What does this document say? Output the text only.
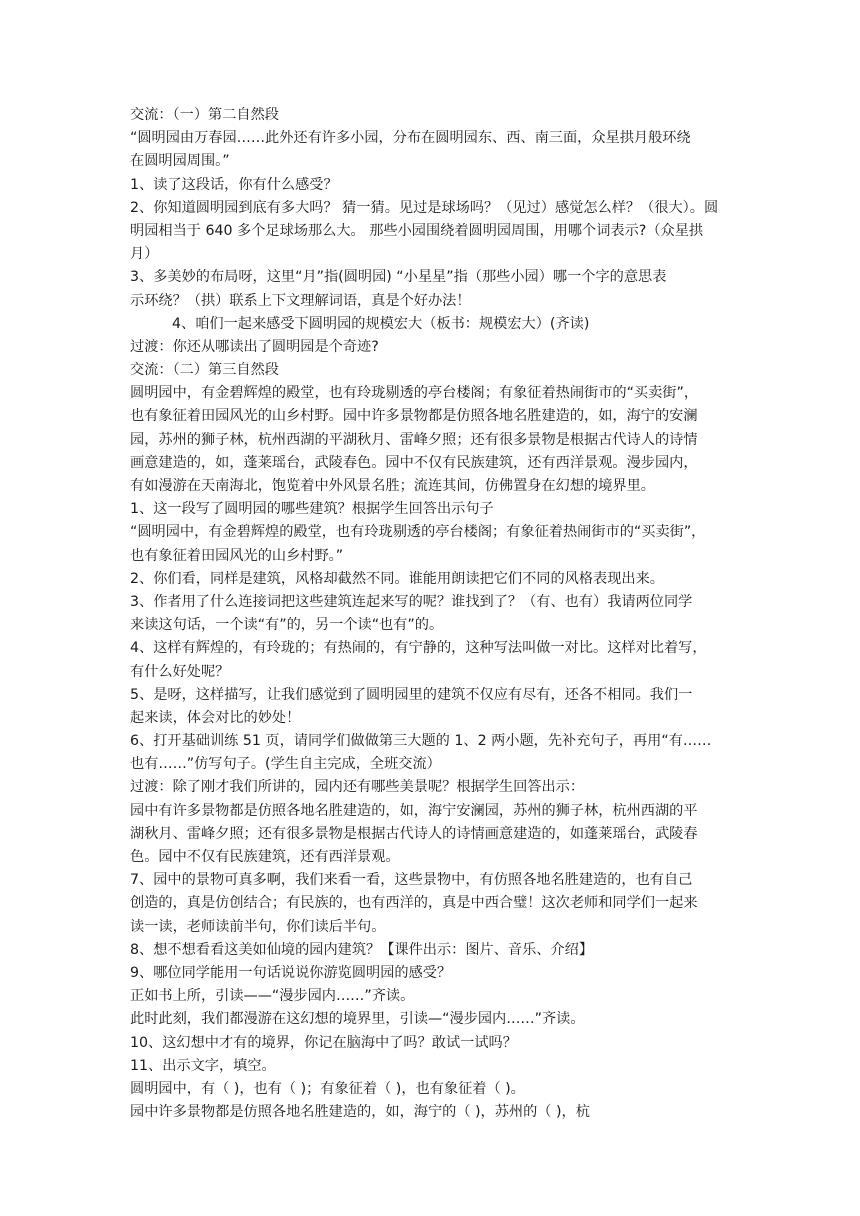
交流：（一）第二自然段
“圆明园由万春园……此外还有许多小园，分布在圆明园东、西、南三面，众星拱月般环绕
在圆明园周围。”
1、读了这段话，你有什么感受？
2、你知道圆明园到底有多大吗？ 猜一猜。见过是球场吗？（见过）感觉怎么样？（很大）。圆
明园相当于 640 多个足球场那么大。 那些小园围绕着圆明园周围，用哪个词表示?（众星拱
月）
3、多美妙的布局呀，这里“月”指(圆明园) “小星星”指（那些小园）哪一个字的意思表
示环绕？（拱）联系上下文理解词语，真是个好办法！
4、咱们一起来感受下圆明园的规模宏大（板书：规模宏大）(齐读)
过渡：你还从哪读出了圆明园是个奇迹?
交流：（二）第三自然段
圆明园中，有金碧辉煌的殿堂，也有玲珑剔透的亭台楼阁；有象征着热闹街市的“买卖街”，
也有象征着田园风光的山乡村野。园中许多景物都是仿照各地名胜建造的，如，海宁的安澜
园，苏州的狮子林，杭州西湖的平湖秋月、雷峰夕照；还有很多景物是根据古代诗人的诗情
画意建造的，如，蓬莱瑶台，武陵春色。园中不仅有民族建筑，还有西洋景观。漫步园内，
有如漫游在天南海北，饱览着中外风景名胜；流连其间，仿佛置身在幻想的境界里。
1、这一段写了圆明园的哪些建筑？根据学生回答出示句子
“圆明园中，有金碧辉煌的殿堂，也有玲珑剔透的亭台楼阁；有象征着热闹街市的“买卖街”，
也有象征着田园风光的山乡村野。”
2、你们看，同样是建筑，风格却截然不同。谁能用朗读把它们不同的风格表现出来。
3、作者用了什么连接词把这些建筑连起来写的呢？谁找到了？（有、也有）我请两位同学
来读这句话，一个读“有”的，另一个读“也有”的。
4、这样有辉煌的，有玲珑的；有热闹的，有宁静的，这种写法叫做一对比。这样对比着写，
有什么好处呢？
5、是呀，这样描写，让我们感觉到了圆明园里的建筑不仅应有尽有，还各不相同。我们一
起来读，体会对比的妙处！
6、打开基础训练 51 页，请同学们做做第三大题的 1、2 两小题，先补充句子，再用“有……
也有……”仿写句子。(学生自主完成，全班交流）
过渡：除了刚才我们所讲的，园内还有哪些美景呢？根据学生回答出示：
园中有许多景物都是仿照各地名胜建造的，如，海宁安澜园，苏州的狮子林，杭州西湖的平
湖秋月、雷峰夕照；还有很多景物是根据古代诗人的诗情画意建造的，如蓬莱瑶台，武陵春
色。园中不仅有民族建筑，还有西洋景观。
7、园中的景物可真多啊，我们来看一看，这些景物中，有仿照各地名胜建造的，也有自己
创造的，真是仿创结合；有民族的，也有西洋的，真是中西合璧！这次老师和同学们一起来
读一读，老师读前半句，你们读后半句。
8、想不想看看这美如仙境的园内建筑？【课件出示：图片、音乐、介绍】
9、哪位同学能用一句话说说你游览圆明园的感受？
正如书上所，引读——“漫步园内……”齐读。
此时此刻，我们都漫游在这幻想的境界里，引读—“漫步园内……”齐读。
10、这幻想中才有的境界，你记在脑海中了吗？敢试一试吗？
11、出示文字，填空。
圆明园中，有（ )，也有（ )；有象征着（ )，也有象征着（ )。
园中许多景物都是仿照各地名胜建造的，如，海宁的（ )，苏州的（ )，杭
